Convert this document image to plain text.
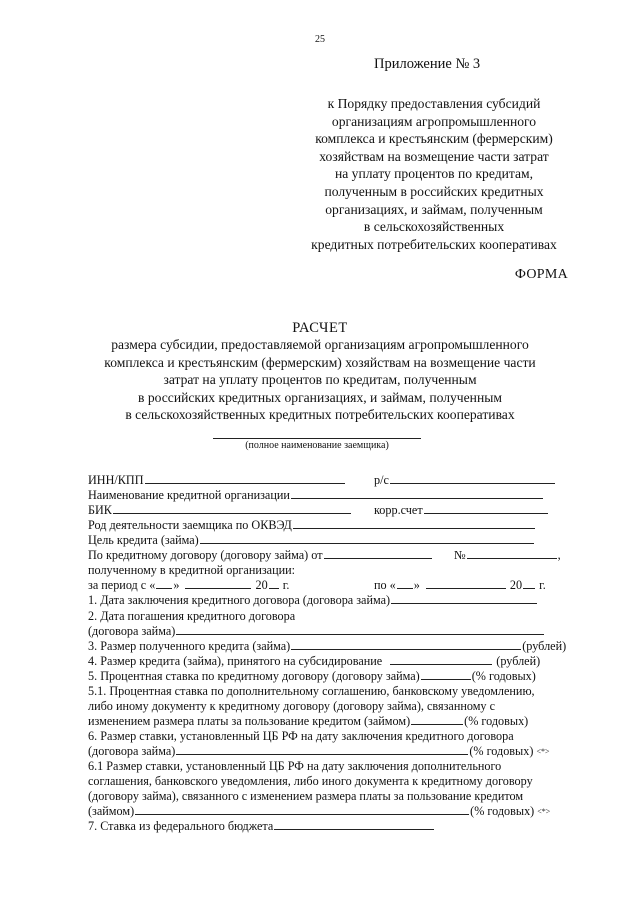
25
Приложение № 3
к Порядку предоставления субсидий
организациям агропромышленного
комплекса и крестьянским (фермерским)
хозяйствам на возмещение части затрат
на уплату процентов по кредитам,
полученным в российских кредитных
организациях, и займам, полученным
в сельскохозяйственных
кредитных потребительских кооперативах
ФОРМА
РАСЧЕТ
размера субсидии, предоставляемой организациям агропромышленного
комплекса и крестьянским (фермерским) хозяйствам на возмещение части
затрат на уплату процентов по кредитам, полученным
в российских кредитных организациях, и займам, полученным
в сельскохозяйственных кредитных потребительских кооперативах
(полное наименование заемщика)
ИНН/КПП	р/с
Наименование кредитной организации
БИК	корр.счет
Род деятельности заемщика по ОКВЭД
Цель кредита (займа)
По кредитному договору (договору займа) от	№	,
полученному в кредитной организации:
за период с « »	20 г.	по « »	20 г.
1. Дата заключения кредитного договора (договора займа)
2. Дата погашения кредитного договора
(договора займа)
3. Размер полученного кредита (займа)	(рублей)
4. Размер кредита (займа), принятого на субсидирование	(рублей)
5. Процентная ставка по кредитному договору (договору займа)	(% годовых)
5.1. Процентная ставка по дополнительному соглашению, банковскому уведомлению,
либо иному документу к кредитному договору (договору займа), связанному с
изменением размера платы за пользование кредитом (займом)	(% годовых)
6. Размер ставки, установленный ЦБ РФ на дату заключения кредитного договора
(договора займа)	(% годовых) <*>
6.1 Размер ставки, установленный ЦБ РФ на дату заключения дополнительного
соглашения, банковского уведомления, либо иного документа к кредитному договору
(договору займа), связанного с изменением размера платы за пользование кредитом
(займом)	(% годовых) <*>
7. Ставка из федерального бюджета
